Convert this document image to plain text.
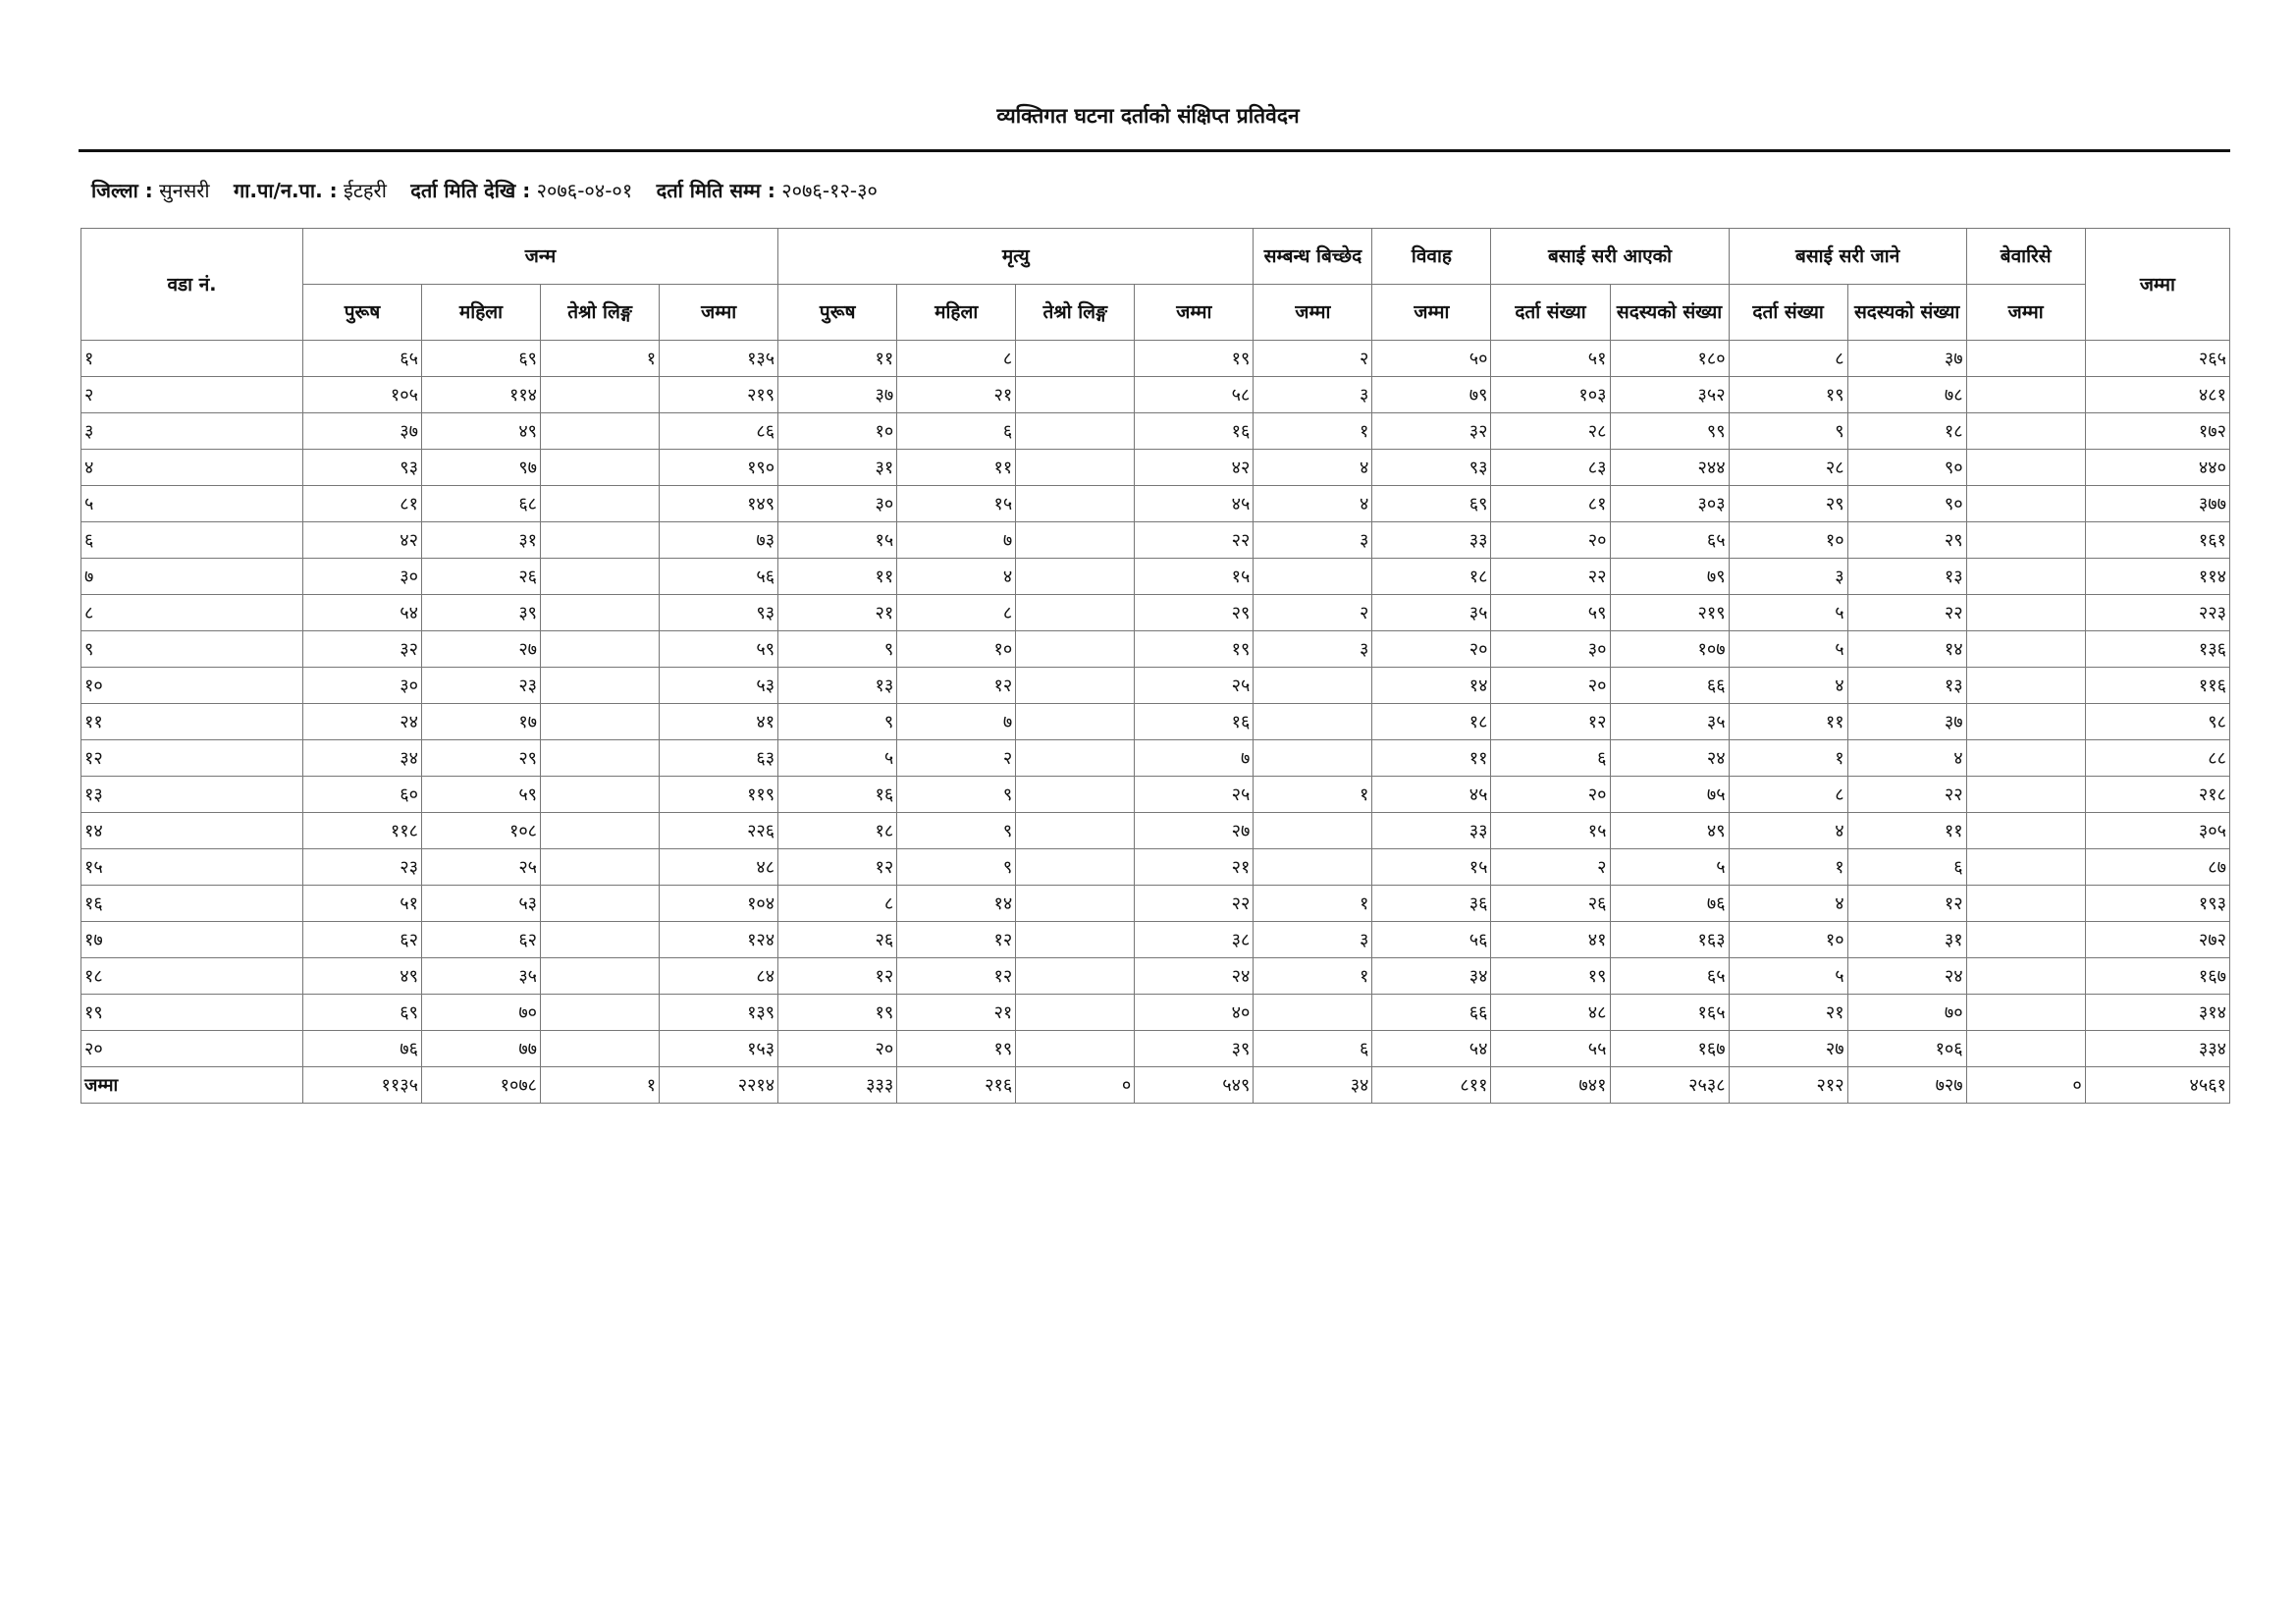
व्यक्तिगत घटना दर्ताको संक्षिप्त प्रतिवेदन
जिल्ला : सुनसरी गा.पा/न.पा. : ईटहरी दर्ता मिति देखि : २०७६-०४-०१ दर्ता मिति सम्म : २०७६-१२-३०
वडा नं.	जन्म				मृत्यु				सम्बन्ध बिच्छेद	विवाह	बसाई सरी आएको		बसाई सरी जाने		बेवारिसे	जम्मा
	पुरूष	महिला	तेश्रो लिङ्ग	जम्मा	पुरूष	महिला	तेश्रो लिङ्ग	जम्मा	जम्मा	जम्मा	दर्ता संख्या	सदस्यको संख्या	दर्ता संख्या	सदस्यको संख्या	जम्मा	
१	६५	६९	१	१३५	११	८		१९	२	५०	५१	१८०	८	३७		२६५
२	१०५	११४		२१९	३७	२१		५८	३	७९	१०३	३५२	१९	७८		४८१
३	३७	४९		८६	१०	६		१६	१	३२	२८	९९	९	१८		१७२
४	९३	९७		१९०	३१	११		४२	४	९३	८३	२४४	२८	९०		४४०
५	८१	६८		१४९	३०	१५		४५	४	६९	८१	३०३	२९	९०		३७७
६	४२	३१		७३	१५	७		२२	३	३३	२०	६५	१०	२९		१६१
७	३०	२६		५६	११	४		१५		१८	२२	७९	३	१३		११४
८	५४	३९		९३	२१	८		२९	२	३५	५९	२१९	५	२२		२२३
९	३२	२७		५९	९	१०		१९	३	२०	३०	१०७	५	१४		१३६
१०	३०	२३		५३	१३	१२		२५		१४	२०	६६	४	१३		११६
११	२४	१७		४१	९	७		१६		१८	१२	३५	११	३७		९८
१२	३४	२९		६३	५	२		७		११	६	२४	१	४		८८
१३	६०	५९		११९	१६	९		२५	१	४५	२०	७५	८	२२		२१८
१४	११८	१०८		२२६	१८	९		२७		३३	१५	४९	४	११		३०५
१५	२३	२५		४८	१२	९		२१		१५	२	५	१	६		८७
१६	५१	५३		१०४	८	१४		२२	१	३६	२६	७६	४	१२		१९३
१७	६२	६२		१२४	२६	१२		३८	३	५६	४१	१६३	१०	३१		२७२
१८	४९	३५		८४	१२	१२		२४	१	३४	१९	६५	५	२४		१६७
१९	६९	७०		१३९	१९	२१		४०		६६	४८	१६५	२१	७०		३१४
२०	७६	७७		१५३	२०	१९		३९	६	५४	५५	१६७	२७	१०६		३३४
जम्मा	११३५	१०७८	१	२२१४	३३३	२१६	०	५४९	३४	८११	७४१	२५३८	२१२	७२७	०	४५६१
